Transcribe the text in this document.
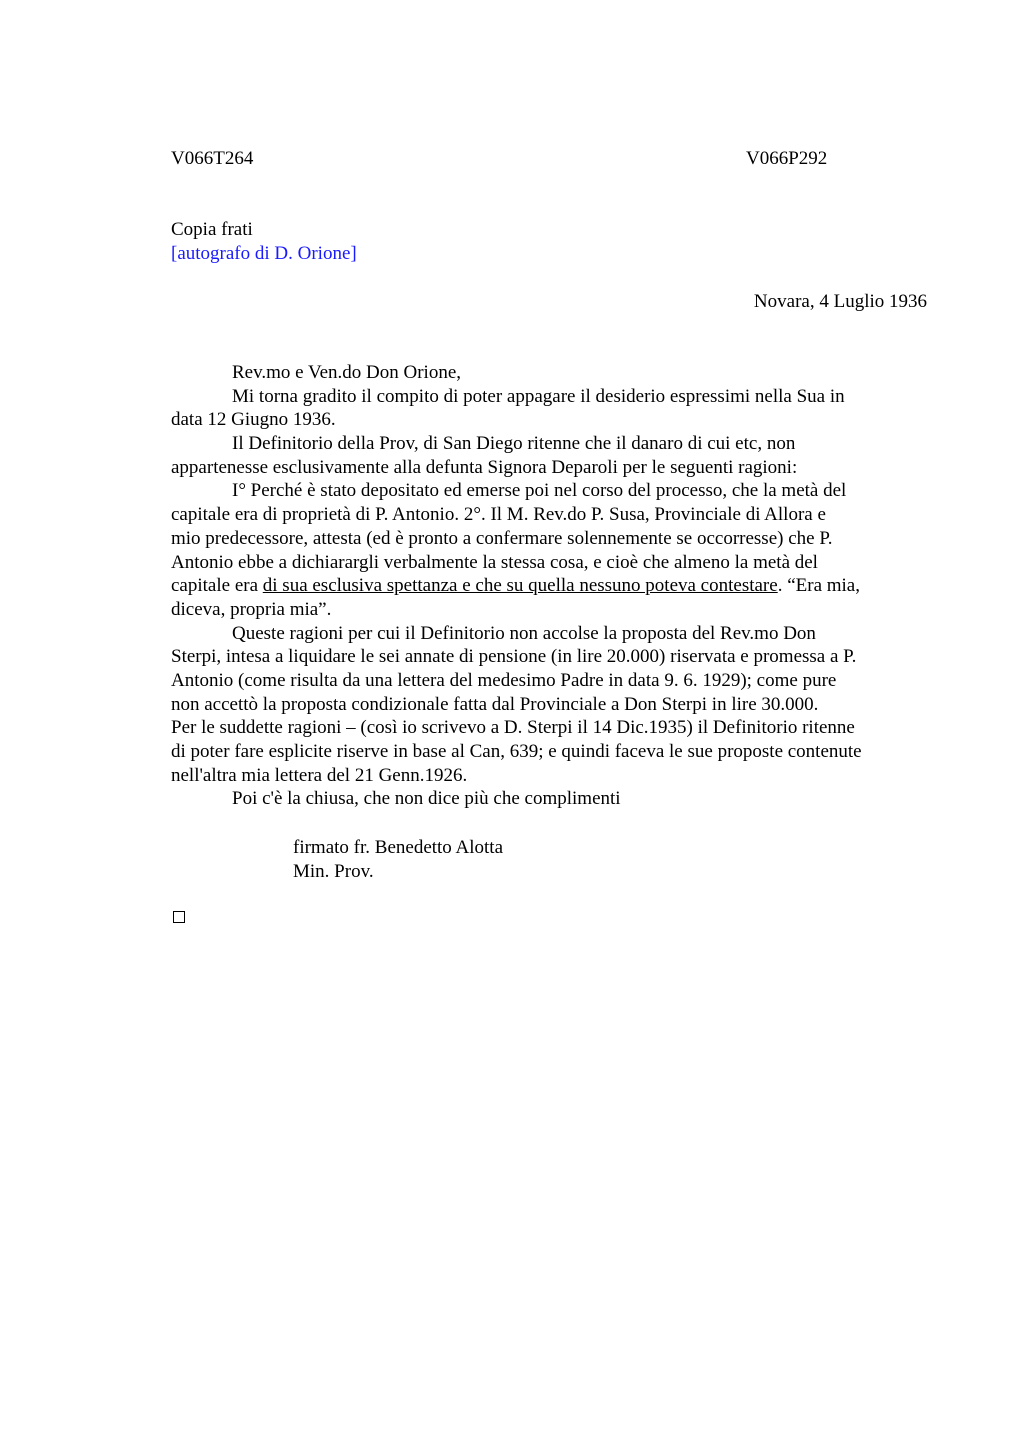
V066T264	V066P292
Copia frati
[autografo di D. Orione]
Novara, 4 Luglio 1936
Rev.mo e Ven.do Don Orione,
Mi torna gradito il compito di poter appagare il desiderio espressimi nella Sua in
data 12 Giugno 1936.
Il Definitorio della Prov, di San Diego ritenne che il danaro di cui etc, non
appartenesse esclusivamente alla defunta Signora Deparoli per le seguenti ragioni:
I° Perché è stato depositato ed emerse poi nel corso del processo, che la metà del
capitale era di proprietà di P. Antonio. 2°. Il M. Rev.do P. Susa, Provinciale di Allora e
mio predecessore, attesta (ed è pronto a confermare solennemente se occorresse) che P.
Antonio ebbe a dichiarargli verbalmente la stessa cosa, e cioè che almeno la metà del
capitale era di sua esclusiva spettanza e che su quella nessuno poteva contestare. “Era mia,
diceva, propria mia”.
Queste ragioni per cui il Definitorio non accolse la proposta del Rev.mo Don
Sterpi, intesa a liquidare le sei annate di pensione (in lire 20.000) riservata e promessa a P.
Antonio (come risulta da una lettera del medesimo Padre in data 9. 6. 1929); come pure
non accettò la proposta condizionale fatta dal Provinciale a Don Sterpi in lire 30.000.
Per le suddette ragioni – (così io scrivevo a D. Sterpi il 14 Dic.1935) il Definitorio ritenne
di poter fare esplicite riserve in base al Can, 639; e quindi faceva le sue proposte contenute
nell'altra mia lettera del 21 Genn.1926.
Poi c'è la chiusa, che non dice più che complimenti
firmato fr. Benedetto Alotta
Min. Prov.
